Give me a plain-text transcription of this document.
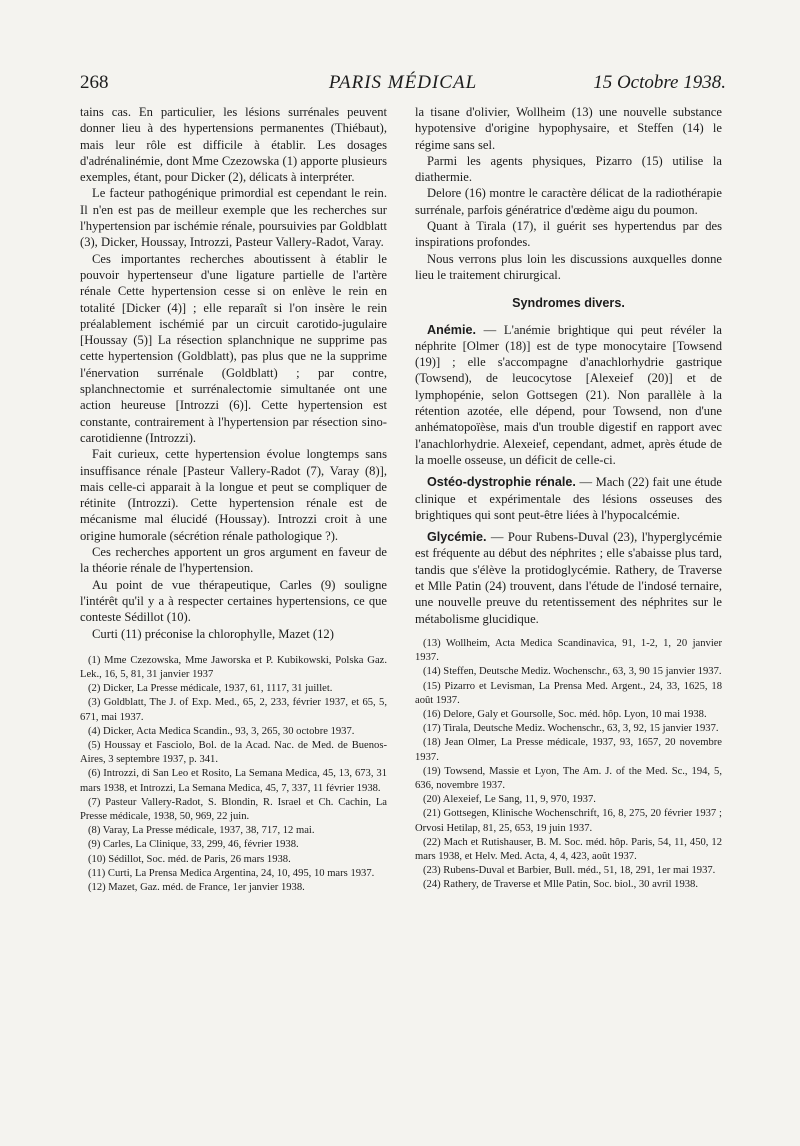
268	PARIS MÉDICAL	15 Octobre 1938.

tains cas. En particulier, les lésions surrénales peuvent donner lieu à des hypertensions permanentes (Thiébaut), mais leur rôle est difficile à établir. Les dosages d'adrénalinémie, dont Mme Czezowska (1) apporte plusieurs exemples, étant, pour Dicker (2), délicats à interpréter.

Le facteur pathogénique primordial est cependant le rein. Il n'en est pas de meilleur exemple que les recherches sur l'hypertension par ischémie rénale, poursuivies par Goldblatt (3), Dicker, Houssay, Introzzi, Pasteur Vallery-Radot, Varay.

Ces importantes recherches aboutissent à établir le pouvoir hypertenseur d'une ligature partielle de l'artère rénale Cette hypertension cesse si on enlève le rein en totalité [Dicker (4)] ; elle reparaît si l'on insère le rein préalablement ischémié par un circuit carotido-jugulaire [Houssay (5)] La résection splanchnique ne supprime pas cette hypertension (Goldblatt), pas plus que ne la supprime l'énervation surrénale (Goldblatt) ; par contre, splanchnectomie et surrénalectomie simultanée ont une action heureuse [Introzzi (6)]. Cette hypertension est constante, contrairement à l'hypertension par résection sino-carotidienne (Introzzi).

Fait curieux, cette hypertension évolue longtemps sans insuffisance rénale [Pasteur Vallery-Radot (7), Varay (8)], mais celle-ci apparait à la longue et peut se compliquer de rétinite (Introzzi). Cette hypertension rénale est de mécanisme mal élucidé (Houssay). Introzzi croit à une origine humorale (sécrétion rénale pathologique ?).

Ces recherches apportent un gros argument en faveur de la théorie rénale de l'hypertension.

Au point de vue thérapeutique, Carles (9) souligne l'intérêt qu'il y a à respecter certaines hypertensions, ce que conteste Sédillot (10).

Curti (11) préconise la chlorophylle, Mazet (12)

(1) Mme Czezowska, Mme Jaworska et P. Kubikowski, Polska Gaz. Lek., 16, 5, 81, 31 janvier 1937

(2) Dicker, La Presse médicale, 1937, 61, 1117, 31 juillet.

(3) Goldblatt, The J. of Exp. Med., 65, 2, 233, février 1937, et 65, 5, 671, mai 1937.

(4) Dicker, Acta Medica Scandin., 93, 3, 265, 30 octobre 1937.

(5) Houssay et Fasciolo, Bol. de la Acad. Nac. de Med. de Buenos-Aires, 3 septembre 1937, p. 341.

(6) Introzzi, di San Leo et Rosito, La Semana Medica, 45, 13, 673, 31 mars 1938, et Introzzi, La Semana Medica, 45, 7, 337, 11 février 1938.

(7) Pasteur Vallery-Radot, S. Blondin, R. Israel et Ch. Cachin, La Presse médicale, 1938, 50, 969, 22 juin.

(8) Varay, La Presse médicale, 1937, 38, 717, 12 mai.

(9) Carles, La Clinique, 33, 299, 46, février 1938.

(10) Sédillot, Soc. méd. de Paris, 26 mars 1938.

(11) Curti, La Prensa Medica Argentina, 24, 10, 495, 10 mars 1937.

(12) Mazet, Gaz. méd. de France, 1er janvier 1938.

la tisane d'olivier, Wollheim (13) une nouvelle substance hypotensive d'origine hypophysaire, et Steffen (14) le régime sans sel.

Parmi les agents physiques, Pizarro (15) utilise la diathermie.

Delore (16) montre le caractère délicat de la radiothérapie surrénale, parfois génératrice d'œdème aigu du poumon.

Quant à Tirala (17), il guérit ses hypertendus par des inspirations profondes.

Nous verrons plus loin les discussions auxquelles donne lieu le traitement chirurgical.

Syndromes divers.

Anémie. — L'anémie brightique qui peut révéler la néphrite [Olmer (18)] est de type monocytaire [Towsend (19)] ; elle s'accompagne d'anachlorhydrie gastrique (Towsend), de leucocytose [Alexeief (20)] et de lymphopénie, selon Gottsegen (21). Non parallèle à la rétention azotée, elle dépend, pour Towsend, non d'une anhématopoïèse, mais d'un trouble digestif en rapport avec l'anachlorhydrie. Alexeief, cependant, admet, après étude de la moelle osseuse, un déficit de celle-ci.

Ostéo-dystrophie rénale. — Mach (22) fait une étude clinique et expérimentale des lésions osseuses des brightiques qui sont peut-être liées à l'hypocalcémie.

Glycémie. — Pour Rubens-Duval (23), l'hyperglycémie est fréquente au début des néphrites ; elle s'abaisse plus tard, tandis que s'élève la protidoglycémie. Rathery, de Traverse et Mlle Patin (24) trouvent, dans l'étude de l'indosé ternaire, une nouvelle preuve du retentissement des néphrites sur le métabolisme glucidique.

(13) Wollheim, Acta Medica Scandinavica, 91, 1-2, 1, 20 janvier 1937.

(14) Steffen, Deutsche Mediz. Wochenschr., 63, 3, 90 15 janvier 1937.

(15) Pizarro et Levisman, La Prensa Med. Argent., 24, 33, 1625, 18 août 1937.

(16) Delore, Galy et Goursolle, Soc. méd. hôp. Lyon, 10 mai 1938.

(17) Tirala, Deutsche Mediz. Wochenschr., 63, 3, 92, 15 janvier 1937.

(18) Jean Olmer, La Presse médicale, 1937, 93, 1657, 20 novembre 1937.

(19) Towsend, Massie et Lyon, The Am. J. of the Med. Sc., 194, 5, 636, novembre 1937.

(20) Alexeief, Le Sang, 11, 9, 970, 1937.

(21) Gottsegen, Klinische Wochenschrift, 16, 8, 275, 20 février 1937 ; Orvosi Hetilap, 81, 25, 653, 19 juin 1937.

(22) Mach et Rutishauser, B. M. Soc. méd. hôp. Paris, 54, 11, 450, 12 mars 1938, et Helv. Med. Acta, 4, 4, 423, août 1937.

(23) Rubens-Duval et Barbier, Bull. méd., 51, 18, 291, 1er mai 1937.

(24) Rathery, de Traverse et Mlle Patin, Soc. biol., 30 avril 1938.
